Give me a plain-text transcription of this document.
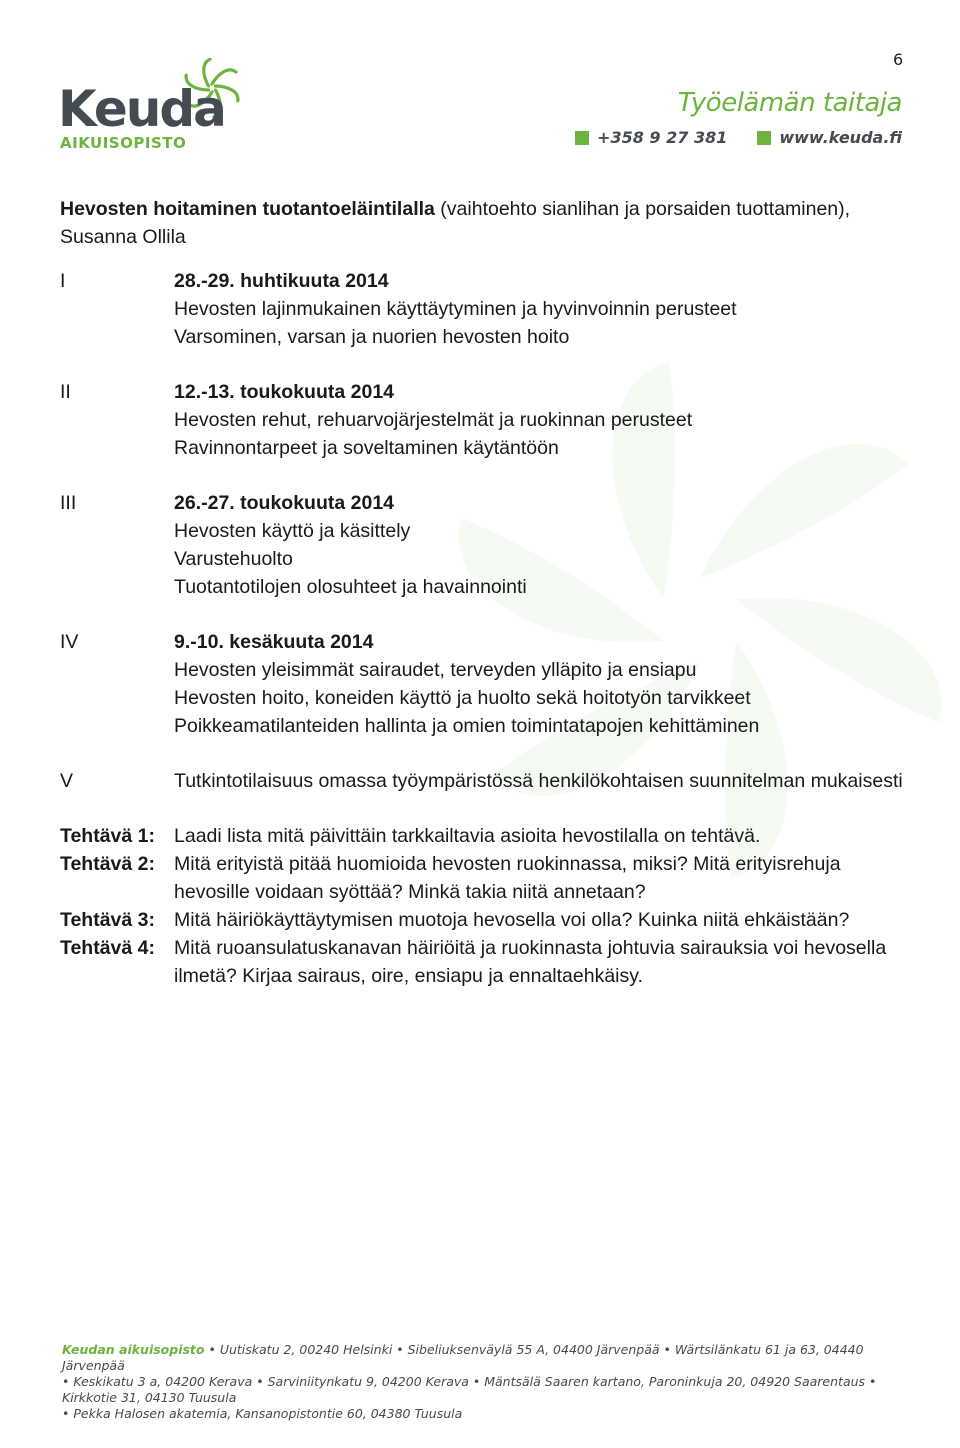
6
Keuda
AIKUISOPISTO
Työelämän taitaja
+358 9 27 381	www.keuda.fi

Hevosten hoitaminen tuotantoeläintilalla (vaihtoehto sianlihan ja porsaiden tuottaminen), Susanna Ollila

I	28.-29. huhtikuuta 2014
Hevosten lajinmukainen käyttäytyminen ja hyvinvoinnin perusteet
Varsominen, varsan ja nuorien hevosten hoito
II	12.-13. toukokuuta 2014
Hevosten rehut, rehuarvojärjestelmät ja ruokinnan perusteet
Ravinnontarpeet ja soveltaminen käytäntöön
III	26.-27. toukokuuta 2014
Hevosten käyttö ja käsittely
Varustehuolto
Tuotantotilojen olosuhteet ja havainnointi
IV	9.-10. kesäkuuta 2014
Hevosten yleisimmät sairaudet, terveyden ylläpito ja ensiapu
Hevosten hoito, koneiden käyttö ja huolto sekä hoitotyön tarvikkeet
Poikkeamatilanteiden hallinta ja omien toimintatapojen kehittäminen
V	Tutkintotilaisuus omassa työympäristössä henkilökohtaisen suunnitelman mukaisesti
Tehtävä 1: Laadi lista mitä päivittäin tarkkailtavia asioita hevostilalla on tehtävä.
Tehtävä 2: Mitä erityistä pitää huomioida hevosten ruokinnassa, miksi? Mitä erityisrehuja hevosille voidaan syöttää? Minkä takia niitä annetaan?
Tehtävä 3: Mitä häiriökäyttäytymisen muotoja hevosella voi olla? Kuinka niitä ehkäistään?
Tehtävä 4: Mitä ruoansulatuskanavan häiriöitä ja ruokinnasta johtuvia sairauksia voi hevosella ilmetä? Kirjaa sairaus, oire, ensiapu ja ennaltaehkäisy.
Keudan aikuisopisto • Uutiskatu 2, 00240 Helsinki • Sibeliuksenväylä 55 A, 04400 Järvenpää • Wärtsilänkatu 61 ja 63, 04440 Järvenpää
• Keskikatu 3 a, 04200 Kerava • Sarviniitynkatu 9, 04200 Kerava • Mäntsälä Saaren kartano, Paroninkuja 20, 04920 Saarentaus • Kirkkotie 31, 04130 Tuusula
• Pekka Halosen akatemia, Kansanopistontie 60, 04380 Tuusula
